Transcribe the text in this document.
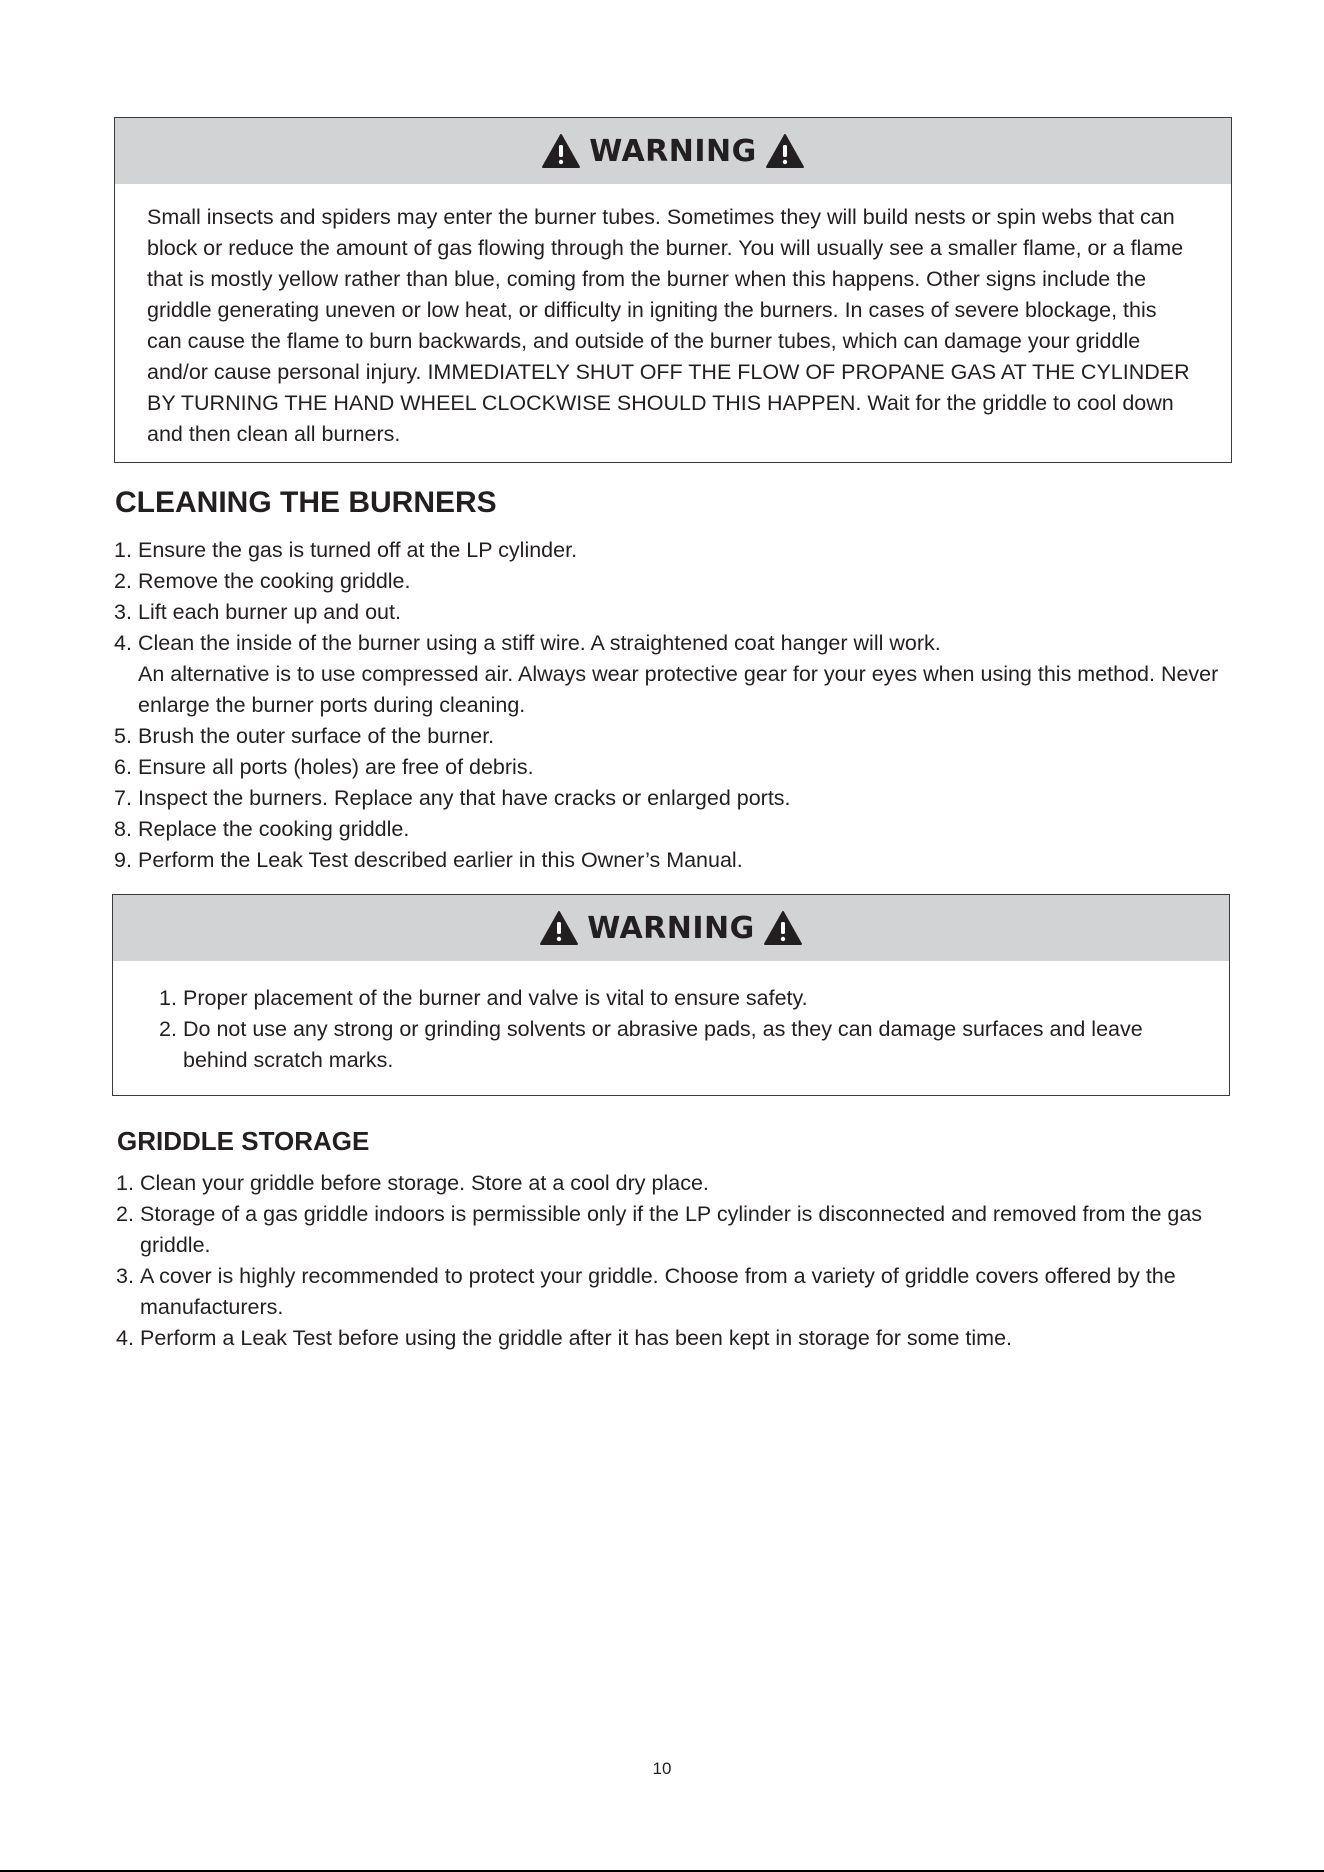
WARNING
Small insects and spiders may enter the burner tubes. Sometimes they will build nests or spin webs that can block or reduce the amount of gas flowing through the burner. You will usually see a smaller flame, or a flame that is mostly yellow rather than blue, coming from the burner when this happens. Other signs include the griddle generating uneven or low heat, or difficulty in igniting the burners. In cases of severe blockage, this can cause the flame to burn backwards, and outside of the burner tubes, which can damage your griddle and/or cause personal injury. IMMEDIATELY SHUT OFF THE FLOW OF PROPANE GAS AT THE CYLINDER BY TURNING THE HAND WHEEL CLOCKWISE SHOULD THIS HAPPEN. Wait for the griddle to cool down and then clean all burners.
CLEANING THE BURNERS
1. Ensure the gas is turned off at the LP cylinder.
2. Remove the cooking griddle.
3. Lift each burner up and out.
4. Clean the inside of the burner using a stiff wire. A straightened coat hanger will work.
An alternative is to use compressed air. Always wear protective gear for your eyes when using this method. Never enlarge the burner ports during cleaning.
5. Brush the outer surface of the burner.
6. Ensure all ports (holes) are free of debris.
7. Inspect the burners. Replace any that have cracks or enlarged ports.
8. Replace the cooking griddle.
9. Perform the Leak Test described earlier in this Owner’s Manual.
WARNING
1. Proper placement of the burner and valve is vital to ensure safety.
2. Do not use any strong or grinding solvents or abrasive pads, as they can damage surfaces and leave behind scratch marks.
GRIDDLE STORAGE
1. Clean your griddle before storage. Store at a cool dry place.
2. Storage of a gas griddle indoors is permissible only if the LP cylinder is disconnected and removed from the gas griddle.
3. A cover is highly recommended to protect your griddle. Choose from a variety of griddle covers offered by the manufacturers.
4. Perform a Leak Test before using the griddle after it has been kept in storage for some time.
10
